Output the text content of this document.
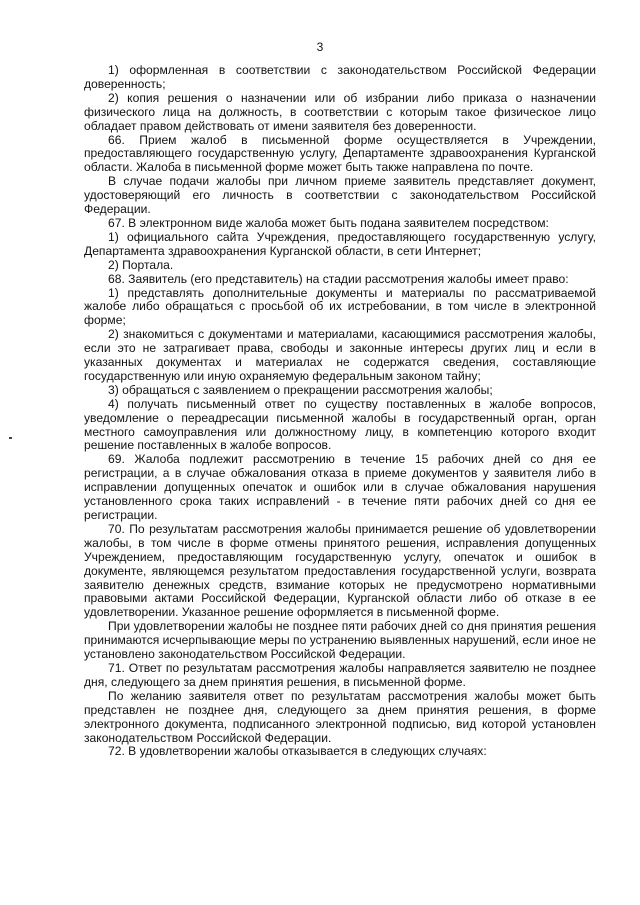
3

1) оформленная в соответствии с законодательством Российской Федерации доверенность;

2) копия решения о назначении или об избрании либо приказа о назначении физического лица на должность, в соответствии с которым такое физическое лицо обладает правом действовать от имени заявителя без доверенности.

66. Прием жалоб в письменной форме осуществляется в Учреждении, предоставляющего государственную услугу, Департаменте здравоохранения Курганской области. Жалоба в письменной форме может быть также направлена по почте.

В случае подачи жалобы при личном приеме заявитель представляет документ, удостоверяющий его личность в соответствии с законодательством Российской Федерации.

67. В электронном виде жалоба может быть подана заявителем посредством:

1) официального сайта Учреждения, предоставляющего государственную услугу, Департамента здравоохранения Курганской области, в сети Интернет;

2) Портала.

68. Заявитель (его представитель) на стадии рассмотрения жалобы имеет право:

1) представлять дополнительные документы и материалы по рассматриваемой жалобе либо обращаться с просьбой об их истребовании, в том числе в электронной форме;

2) знакомиться с документами и материалами, касающимися рассмотрения жалобы, если это не затрагивает права, свободы и законные интересы других лиц и если в указанных документах и материалах не содержатся сведения, составляющие государственную или иную охраняемую федеральным законом тайну;

3) обращаться с заявлением о прекращении рассмотрения жалобы;

4) получать письменный ответ по существу поставленных в жалобе вопросов, уведомление о переадресации письменной жалобы в государственный орган, орган местного самоуправления или должностному лицу, в компетенцию которого входит решение поставленных в жалобе вопросов.

69. Жалоба подлежит рассмотрению в течение 15 рабочих дней со дня ее регистрации, а в случае обжалования отказа в приеме документов у заявителя либо в исправлении допущенных опечаток и ошибок или в случае обжалования нарушения установленного срока таких исправлений - в течение пяти рабочих дней со дня ее регистрации.

70. По результатам рассмотрения жалобы принимается решение об удовлетворении жалобы, в том числе в форме отмены принятого решения, исправления допущенных Учреждением, предоставляющим государственную услугу, опечаток и ошибок в документе, являющемся результатом предоставления государственной услуги, возврата заявителю денежных средств, взимание которых не предусмотрено нормативными правовыми актами Российской Федерации, Курганской области либо об отказе в ее удовлетворении. Указанное решение оформляется в письменной форме.

При удовлетворении жалобы не позднее пяти рабочих дней со дня принятия решения принимаются исчерпывающие меры по устранению выявленных нарушений, если иное не установлено законодательством Российской Федерации.

71. Ответ по результатам рассмотрения жалобы направляется заявителю не позднее дня, следующего за днем принятия решения, в письменной форме.

По желанию заявителя ответ по результатам рассмотрения жалобы может быть представлен не позднее дня, следующего за днем принятия решения, в форме электронного документа, подписанного электронной подписью, вид которой установлен законодательством Российской Федерации.

72. В удовлетворении жалобы отказывается в следующих случаях:
